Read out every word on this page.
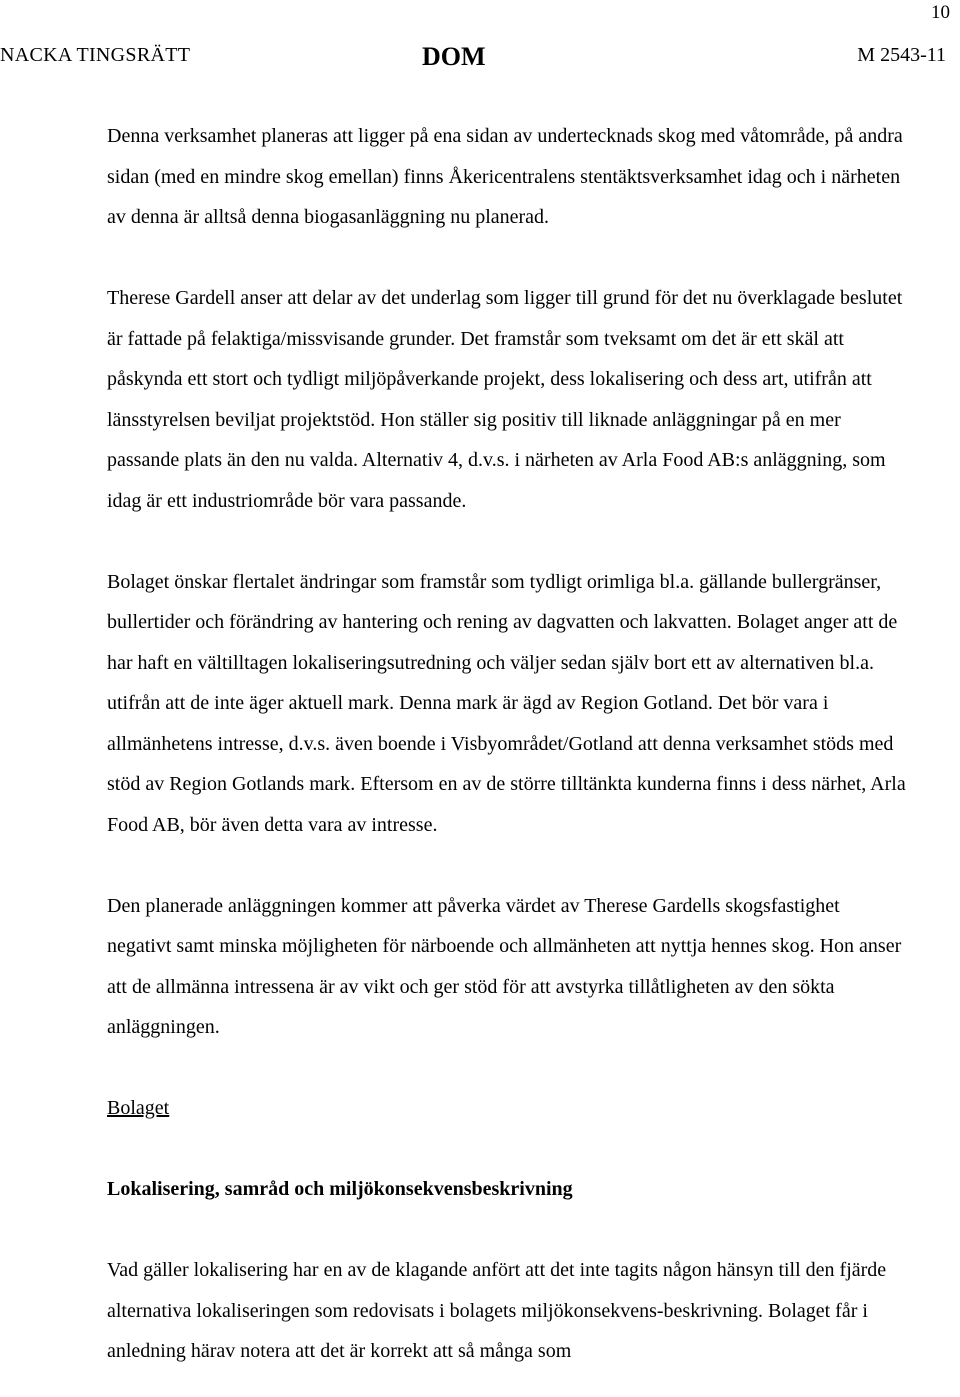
10
NACKA TINGSRÄTT	DOM	M 2543-11

Denna verksamhet planeras att ligger på ena sidan av undertecknads skog med våtområde, på andra sidan (med en mindre skog emellan) finns Åkericentralens stentäktsverksamhet idag och i närheten av denna är alltså denna biogasanläggning nu planerad.

Therese Gardell anser att delar av det underlag som ligger till grund för det nu överklagade beslutet är fattade på felaktiga/missvisande grunder. Det framstår som tveksamt om det är ett skäl att påskynda ett stort och tydligt miljöpåverkande projekt, dess lokalisering och dess art, utifrån att länsstyrelsen beviljat projektstöd. Hon ställer sig positiv till liknade anläggningar på en mer passande plats än den nu valda. Alternativ 4, d.v.s. i närheten av Arla Food AB:s anläggning, som idag är ett industriområde bör vara passande.

Bolaget önskar flertalet ändringar som framstår som tydligt orimliga bl.a. gällande bullergränser, bullertider och förändring av hantering och rening av dagvatten och lakvatten. Bolaget anger att de har haft en vältilltagen lokaliseringsutredning och väljer sedan själv bort ett av alternativen bl.a. utifrån att de inte äger aktuell mark. Denna mark är ägd av Region Gotland. Det bör vara i allmänhetens intresse, d.v.s. även boende i Visbyområdet/Gotland att denna verksamhet stöds med stöd av Region Gotlands mark. Eftersom en av de större tilltänkta kunderna finns i dess närhet, Arla Food AB, bör även detta vara av intresse.

Den planerade anläggningen kommer att påverka värdet av Therese Gardells skogsfastighet negativt samt minska möjligheten för närboende och allmänheten att nyttja hennes skog. Hon anser att de allmänna intressena är av vikt och ger stöd för att avstyrka tillåtligheten av den sökta anläggningen.

Bolaget

Lokalisering, samråd och miljökonsekvensbeskrivning

Vad gäller lokalisering har en av de klagande anfört att det inte tagits någon hänsyn till den fjärde alternativa lokaliseringen som redovisats i bolagets miljökonsekvens-beskrivning. Bolaget får i anledning härav notera att det är korrekt att så många som
